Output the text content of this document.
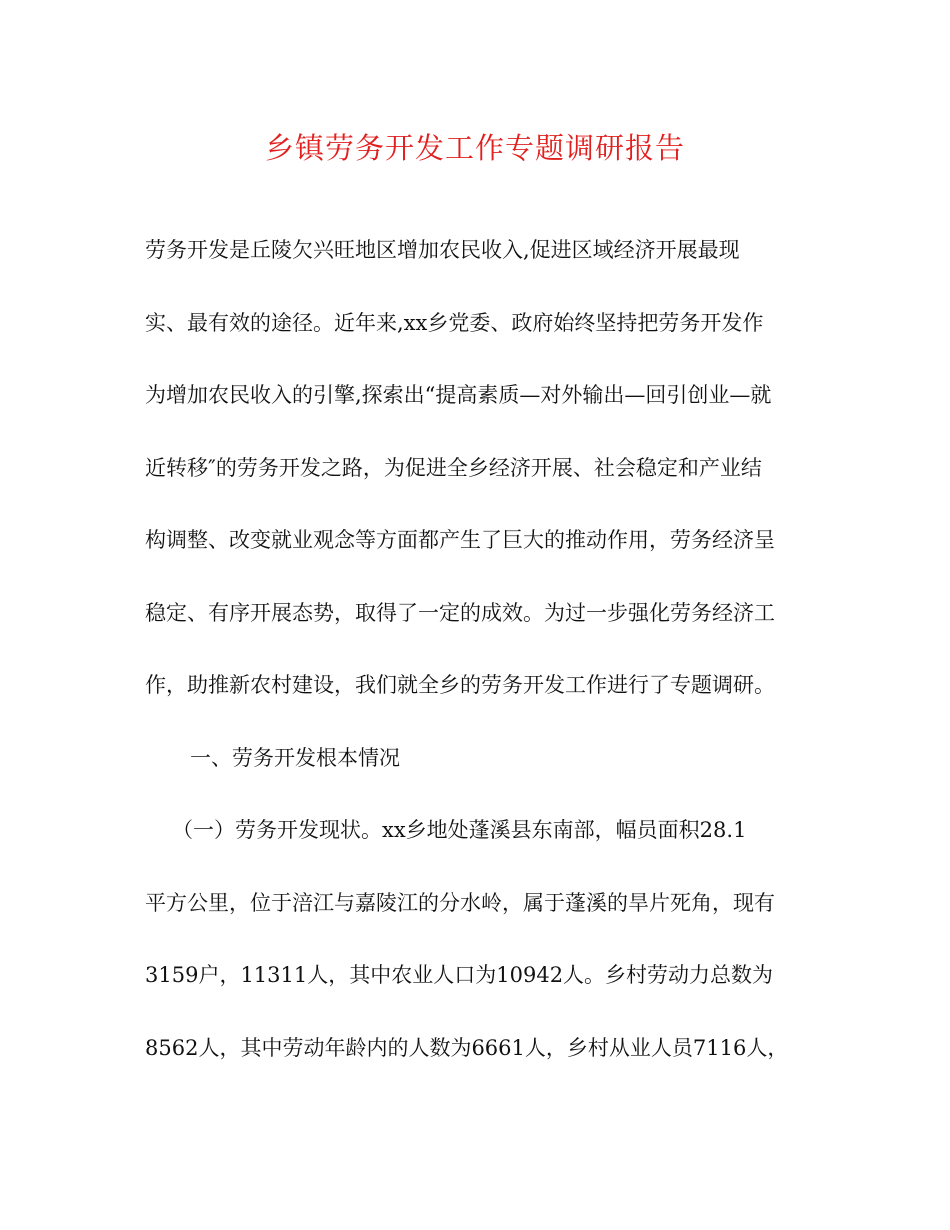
乡镇劳务开发工作专题调研报告
劳务开发是丘陵欠兴旺地区增加农民收入,促进区域经济开展最现
实、最有效的途径。近年来,xx乡党委、政府始终坚持把劳务开发作
为增加农民收入的引擎,探索出“提高素质—对外输出—回引创业—就
近转移″的劳务开发之路，为促进全乡经济开展、社会稳定和产业结
构调整、改变就业观念等方面都产生了巨大的推动作用，劳务经济呈
稳定、有序开展态势，取得了一定的成效。为过一步强化劳务经济工
作，助推新农村建设，我们就全乡的劳务开发工作进行了专题调研。
一、劳务开发根本情况
（一）劳务开发现状。xx乡地处蓬溪县东南部，幅员面积28.1
平方公里，位于涪江与嘉陵江的分水岭，属于蓬溪的旱片死角，现有
3159户，11311人，其中农业人口为10942人。乡村劳动力总数为
8562人，其中劳动年龄内的人数为6661人，乡村从业人员7116人，
